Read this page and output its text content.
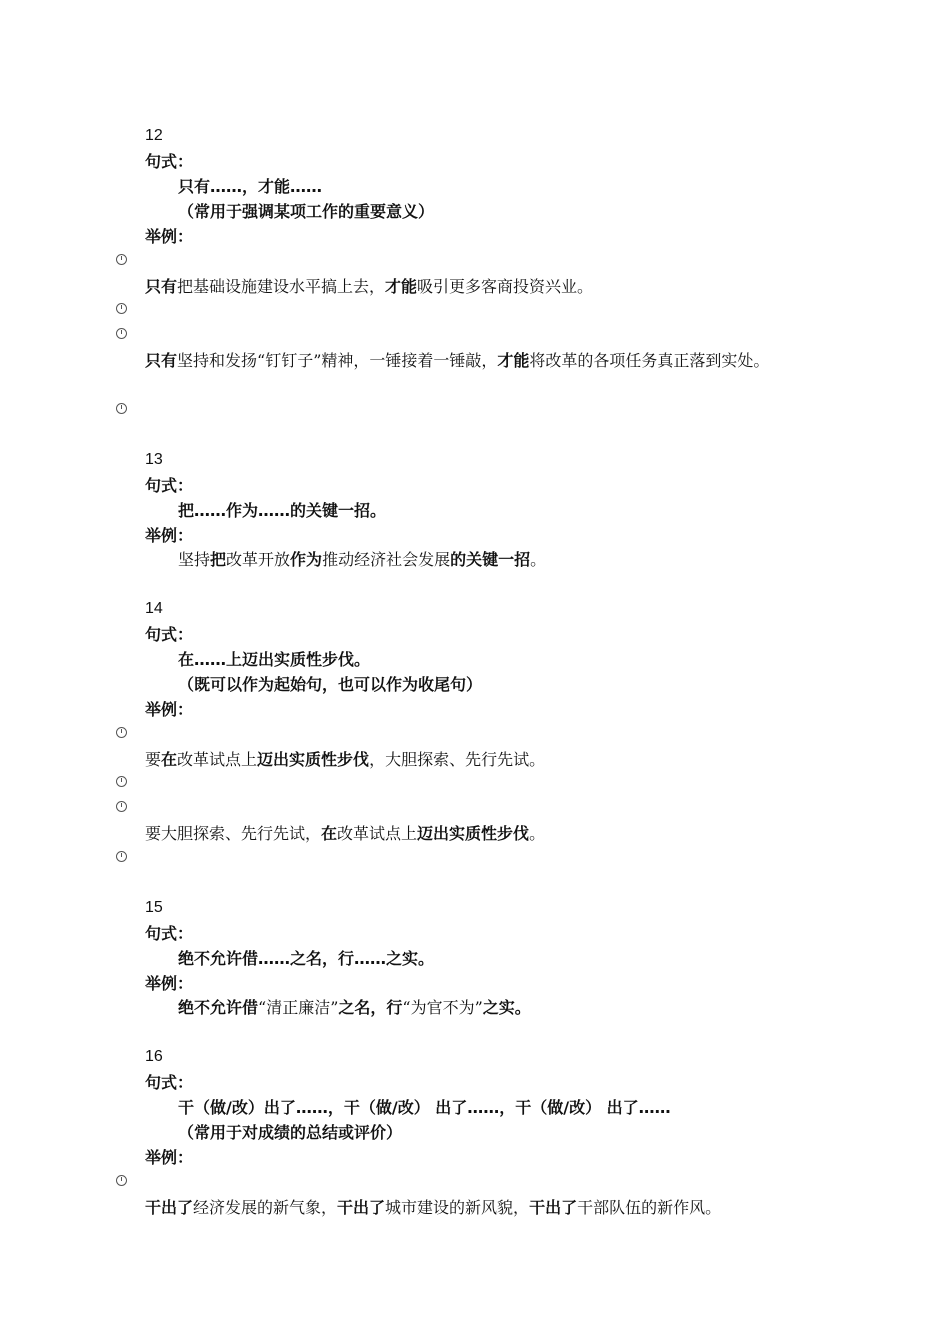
12
句式：
只有……，才能……
（常用于强调某项工作的重要意义）
举例：
只有把基础设施建设水平搞上去，才能吸引更多客商投资兴业。
只有坚持和发扬“钉钉子”精神，一锤接着一锤敲，才能将改革的各项任务真正落到实处。
13
句式：
把……作为……的关键一招。
举例：
坚持把改革开放作为推动经济社会发展的关键一招。
14
句式：
在……上迈出实质性步伐。
（既可以作为起始句，也可以作为收尾句）
举例：
要在改革试点上迈出实质性步伐，大胆探索、先行先试。
要大胆探索、先行先试，在改革试点上迈出实质性步伐。
15
句式：
绝不允许借……之名，行……之实。
举例：
绝不允许借“清正廉洁”之名，行“为官不为”之实。
16
句式：
干（做/改）出了……，干（做/改） 出了……，干（做/改） 出了……
（常用于对成绩的总结或评价）
举例：
干出了经济发展的新气象，干出了城市建设的新风貌，干出了干部队伍的新作风。
